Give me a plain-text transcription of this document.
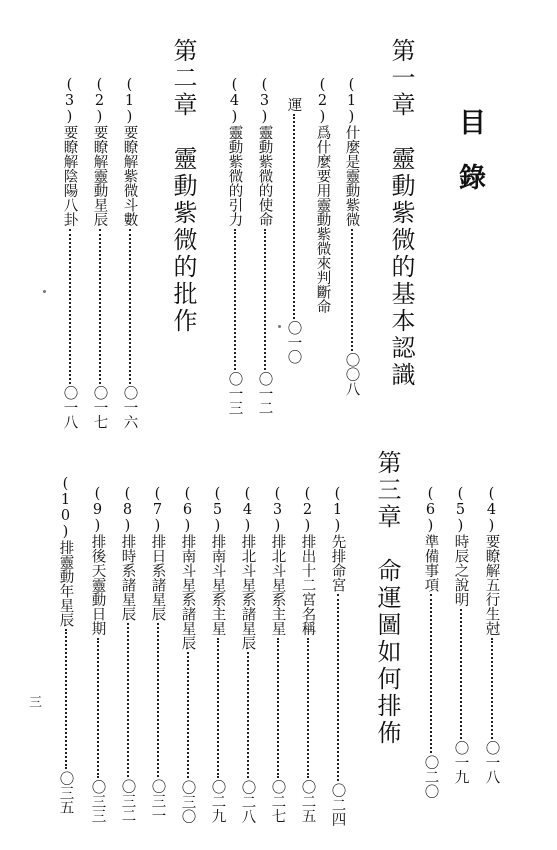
目錄
第一章　靈動紫微的基本認識
(1)什麼是靈動紫微〇〇八
(2)爲什麼要用靈動紫微來判斷命
運〇一〇
(3)靈動紫微的使命〇一二
(4)靈動紫微的引力〇一三
第二章　靈動紫微的批作
(1)要瞭解紫微斗數〇一六
(2)要瞭解靈動星辰〇一七
(3)要瞭解陰陽八卦〇一八
(4)要瞭解五行生尅〇一八
(5)時辰之說明〇一九
(6)準備事項〇二〇
第三章　命運圖如何排佈
(1)先排命宮〇二四
(2)排出十二宮名稱〇二五
(3)排北斗星系主星〇二七
(4)排北斗星系諸星辰〇二八
(5)排南斗星系主星〇二九
(6)排南斗星系諸星辰〇三〇
(7)排日系諸星辰〇三一
(8)排時系諸星辰〇三二
(9)排後天靈動日期〇三三
(10)排靈動年星辰〇三五
三
